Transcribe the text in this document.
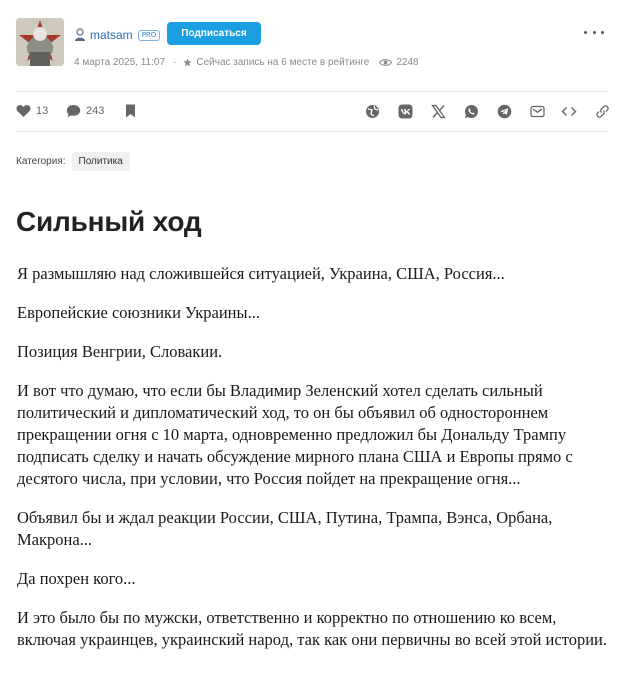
matsam	PRO	Подписаться
4 марта 2025, 11:07 · Сейчас запись на 6 месте в рейтинге	2248
13	243
Категория:	Политика
Сильный ход

Я размышляю над сложившейся ситуацией, Украина, США, Россия...

Европейские союзники Украины...

Позиция Венгрии, Словакии.

И вот что думаю, что если бы Владимир Зеленский хотел сделать сильный политический и дипломатический ход, то он бы объявил об одностороннем прекращении огня с 10 марта, одновременно предложил бы Дональду Трампу подписать сделку и начать обсуждение мирного плана США и Европы прямо с десятого числа, при условии, что Россия пойдет на прекращение огня...

Объявил бы и ждал реакции России, США, Путина, Трампа, Вэнса, Орбана, Макрона...

Да похрен кого...

И это было бы по мужски, ответственно и корректно по отношению ко всем, включая украинцев, украинский народ, так как они первичны во всей этой истории.
